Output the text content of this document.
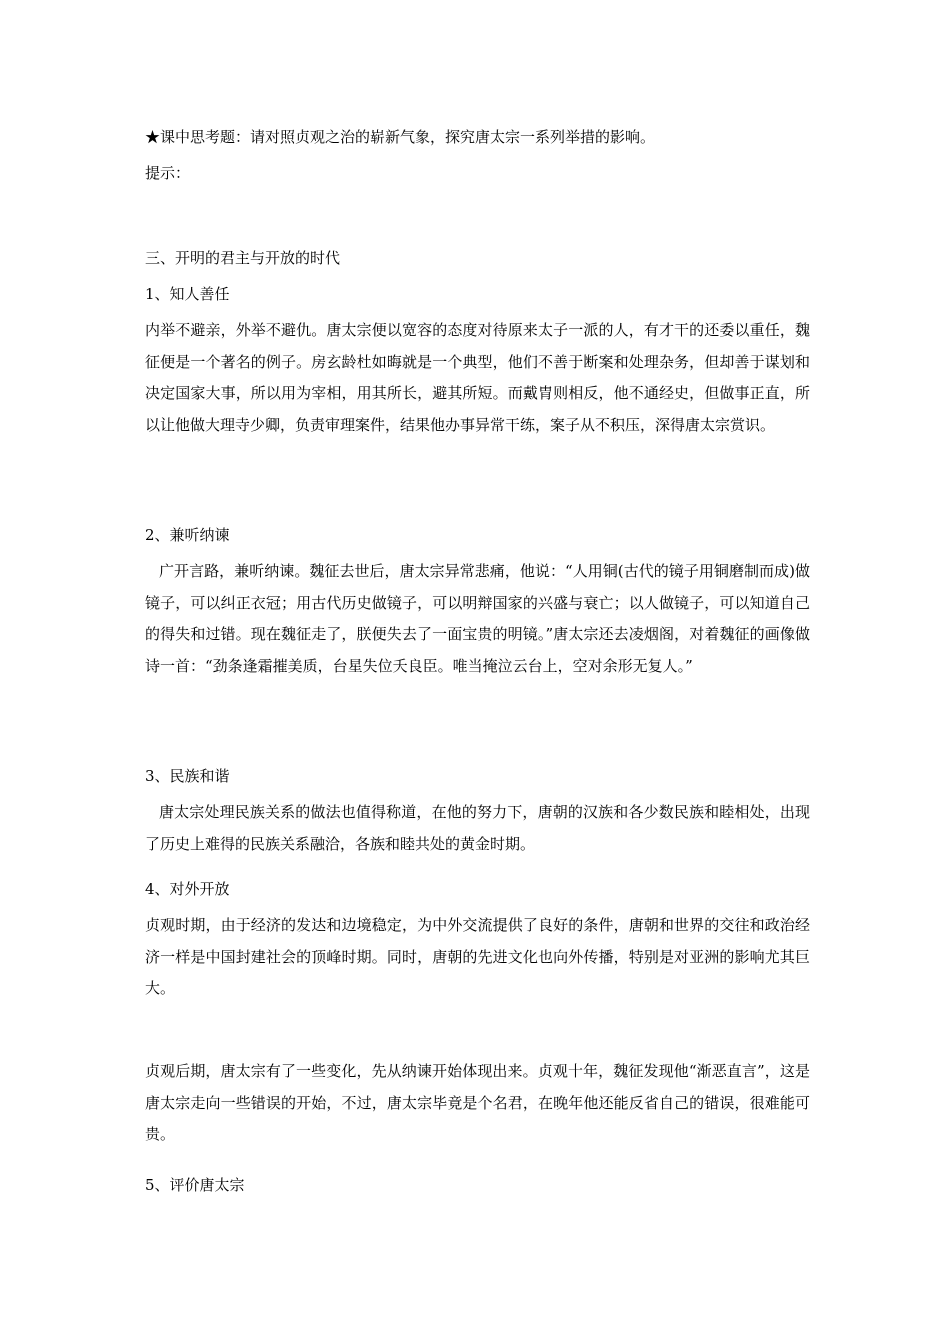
★课中思考题：请对照贞观之治的崭新气象，探究唐太宗一系列举措的影响。
提示：
三、开明的君主与开放的时代
1、知人善任
内举不避亲，外举不避仇。唐太宗便以宽容的态度对待原来太子一派的人，有才干的还委以重任，魏征便是一个著名的例子。房玄龄杜如晦就是一个典型，他们不善于断案和处理杂务，但却善于谋划和决定国家大事，所以用为宰相，用其所长，避其所短。而戴胄则相反，他不通经史，但做事正直，所以让他做大理寺少卿，负责审理案件，结果他办事异常干练，案子从不积压，深得唐太宗赏识。
2、兼听纳谏
广开言路，兼听纳谏。魏征去世后，唐太宗异常悲痛，他说：“人用铜(古代的镜子用铜磨制而成)做镜子，可以纠正衣冠；用古代历史做镜子，可以明辩国家的兴盛与衰亡；以人做镜子，可以知道自己的得失和过错。现在魏征走了，朕便失去了一面宝贵的明镜。”唐太宗还去凌烟阁，对着魏征的画像做诗一首：“劲条逢霜摧美质，台星失位夭良臣。唯当掩泣云台上，空对余形无复人。”
3、民族和谐
唐太宗处理民族关系的做法也值得称道，在他的努力下，唐朝的汉族和各少数民族和睦相处，出现了历史上难得的民族关系融洽，各族和睦共处的黄金时期。
4、对外开放
贞观时期，由于经济的发达和边境稳定，为中外交流提供了良好的条件，唐朝和世界的交往和政治经济一样是中国封建社会的顶峰时期。同时，唐朝的先进文化也向外传播，特别是对亚洲的影响尤其巨大。
贞观后期，唐太宗有了一些变化，先从纳谏开始体现出来。贞观十年，魏征发现他“渐恶直言”，这是唐太宗走向一些错误的开始，不过，唐太宗毕竟是个名君，在晚年他还能反省自己的错误，很难能可贵。
5、评价唐太宗
